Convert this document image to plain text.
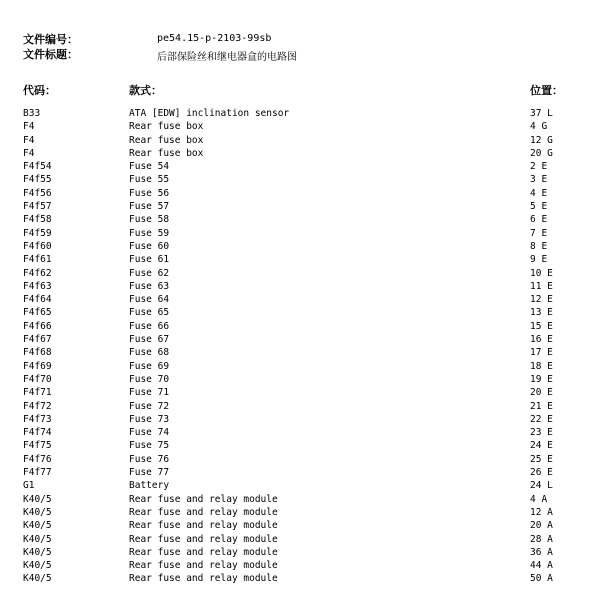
文件编号：	pe54.15-p-2103-99sb
文件标题：	后部保险丝和继电器盒的电路图
代码：	款式：	位置：
B33	ATA [EDW] inclination sensor	37 L
F4	Rear fuse box	4 G
F4	Rear fuse box	12 G
F4	Rear fuse box	20 G
F4f54	Fuse 54	2 E
F4f55	Fuse 55	3 E
F4f56	Fuse 56	4 E
F4f57	Fuse 57	5 E
F4f58	Fuse 58	6 E
F4f59	Fuse 59	7 E
F4f60	Fuse 60	8 E
F4f61	Fuse 61	9 E
F4f62	Fuse 62	10 E
F4f63	Fuse 63	11 E
F4f64	Fuse 64	12 E
F4f65	Fuse 65	13 E
F4f66	Fuse 66	15 E
F4f67	Fuse 67	16 E
F4f68	Fuse 68	17 E
F4f69	Fuse 69	18 E
F4f70	Fuse 70	19 E
F4f71	Fuse 71	20 E
F4f72	Fuse 72	21 E
F4f73	Fuse 73	22 E
F4f74	Fuse 74	23 E
F4f75	Fuse 75	24 E
F4f76	Fuse 76	25 E
F4f77	Fuse 77	26 E
G1	Battery	24 L
K40/5	Rear fuse and relay module	4 A
K40/5	Rear fuse and relay module	12 A
K40/5	Rear fuse and relay module	20 A
K40/5	Rear fuse and relay module	28 A
K40/5	Rear fuse and relay module	36 A
K40/5	Rear fuse and relay module	44 A
K40/5	Rear fuse and relay module	50 A
